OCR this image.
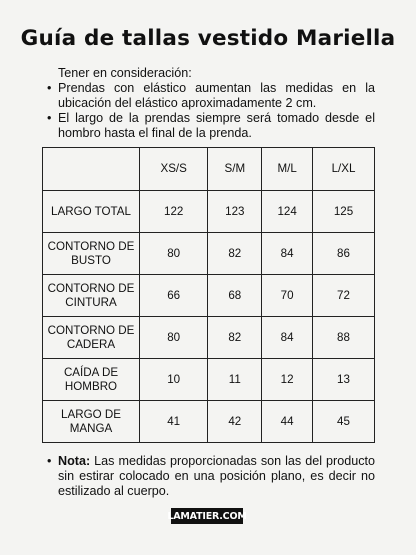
Guía de tallas vestido Mariella

Tener en consideración:

• Prendas con elástico aumentan las medidas en la ubicación del elástico aproximadamente 2 cm.
• El largo de la prendas siempre será tomado desde el hombro hasta el final de la prenda.
	XS/S	S/M	M/L	L/XL
LARGO TOTAL	122	123	124	125
CONTORNO DE BUSTO	80	82	84	86
CONTORNO DE CINTURA	66	68	70	72
CONTORNO DE CADERA	80	82	84	88
CAÍDA DE HOMBRO	10	11	12	13
LARGO DE MANGA	41	42	44	45
• Nota: Las medidas proporcionadas son las del producto sin estirar colocado en una posición plano, es decir no estilizado al cuerpo.

LAMATIER.COM
